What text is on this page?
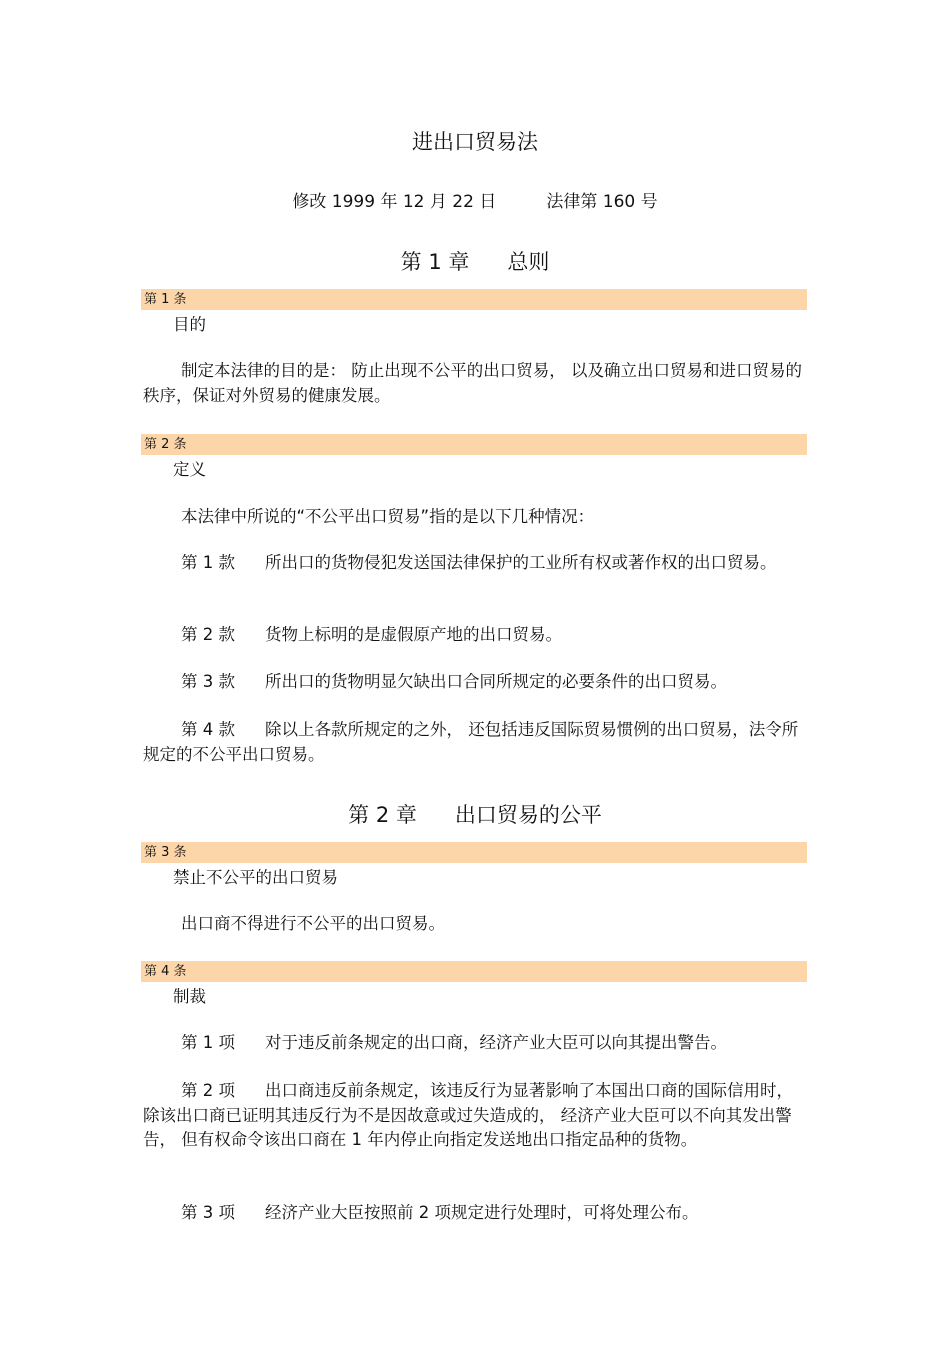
进出口贸易法
修改 1999 年 12 月 22 日	法律第 160 号
第 1 章 总则
第 1 条
目的

制定本法律的目的是： 防止出现不公平的出口贸易， 以及确立出口贸易和进口贸易的秩序，保证对外贸易的健康发展。

第 2 条
定义

本法律中所说的“不公平出口贸易”指的是以下几种情况：

第 1 款 所出口的货物侵犯发送国法律保护的工业所有权或著作权的出口贸易。

第 2 款 货物上标明的是虚假原产地的出口贸易。

第 3 款 所出口的货物明显欠缺出口合同所规定的必要条件的出口贸易。

第 4 款 除以上各款所规定的之外， 还包括违反国际贸易惯例的出口贸易，法令所规定的不公平出口贸易。

第 2 章 出口贸易的公平
第 3 条
禁止不公平的出口贸易

出口商不得进行不公平的出口贸易。

第 4 条
制裁

第 1 项 对于违反前条规定的出口商，经济产业大臣可以向其提出警告。

第 2 项 出口商违反前条规定，该违反行为显著影响了本国出口商的国际信用时，除该出口商已证明其违反行为不是因故意或过失造成的， 经济产业大臣可以不向其发出警告， 但有权命令该出口商在 1 年内停止向指定发送地出口指定品种的货物。

第 3 项 经济产业大臣按照前 2 项规定进行处理时，可将处理公布。
